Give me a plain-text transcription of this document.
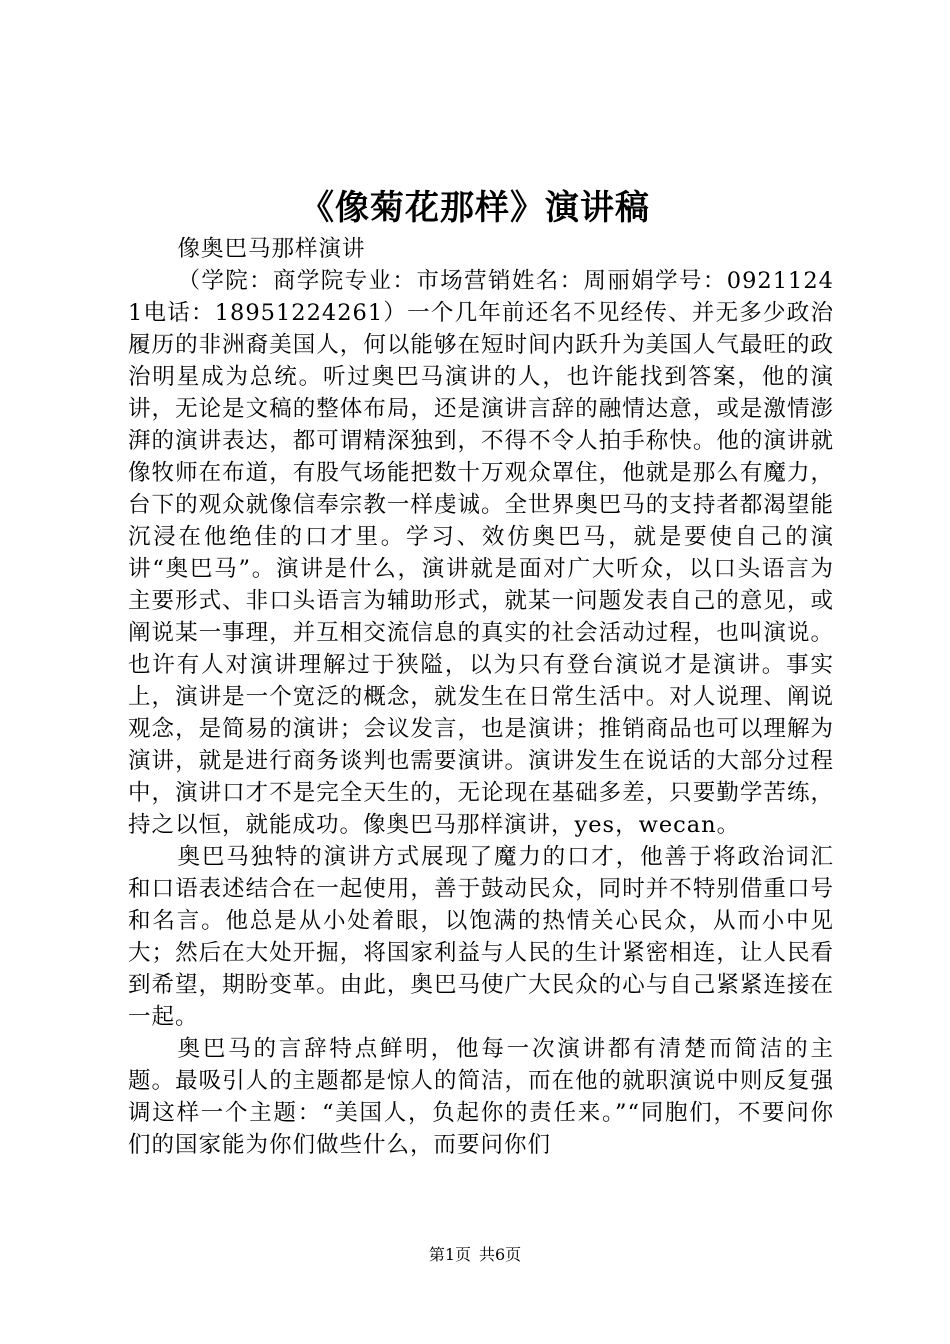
《像菊花那样》演讲稿

像奥巴马那样演讲

（学院：商学院专业：市场营销姓名：周丽娟学号：09211241电话：18951224261）一个几年前还名不见经传、并无多少政治履历的非洲裔美国人，何以能够在短时间内跃升为美国人气最旺的政治明星成为总统。听过奥巴马演讲的人，也许能找到答案，他的演讲，无论是文稿的整体布局，还是演讲言辞的融情达意，或是激情澎湃的演讲表达，都可谓精深独到，不得不令人拍手称快。他的演讲就像牧师在布道，有股气场能把数十万观众罩住，他就是那么有魔力，台下的观众就像信奉宗教一样虔诚。全世界奥巴马的支持者都渴望能沉浸在他绝佳的口才里。学习、效仿奥巴马，就是要使自己的演讲“奥巴马”。演讲是什么，演讲就是面对广大听众，以口头语言为主要形式、非口头语言为辅助形式，就某一问题发表自己的意见，或阐说某一事理，并互相交流信息的真实的社会活动过程，也叫演说。也许有人对演讲理解过于狭隘，以为只有登台演说才是演讲。事实上，演讲是一个宽泛的概念，就发生在日常生活中。对人说理、阐说观念，是简易的演讲；会议发言，也是演讲；推销商品也可以理解为演讲，就是进行商务谈判也需要演讲。演讲发生在说话的大部分过程中，演讲口才不是完全天生的，无论现在基础多差，只要勤学苦练，持之以恒，就能成功。像奥巴马那样演讲，yes，wecan。

奥巴马独特的演讲方式展现了魔力的口才，他善于将政治词汇和口语表述结合在一起使用，善于鼓动民众，同时并不特别借重口号和名言。他总是从小处着眼，以饱满的热情关心民众，从而小中见大；然后在大处开掘，将国家利益与人民的生计紧密相连，让人民看到希望，期盼变革。由此，奥巴马使广大民众的心与自己紧紧连接在一起。

奥巴马的言辞特点鲜明，他每一次演讲都有清楚而简洁的主题。最吸引人的主题都是惊人的简洁，而在他的就职演说中则反复强调这样一个主题：“美国人，负起你的责任来。”“同胞们，不要问你们的国家能为你们做些什么，而要问你们

第1页 共6页
